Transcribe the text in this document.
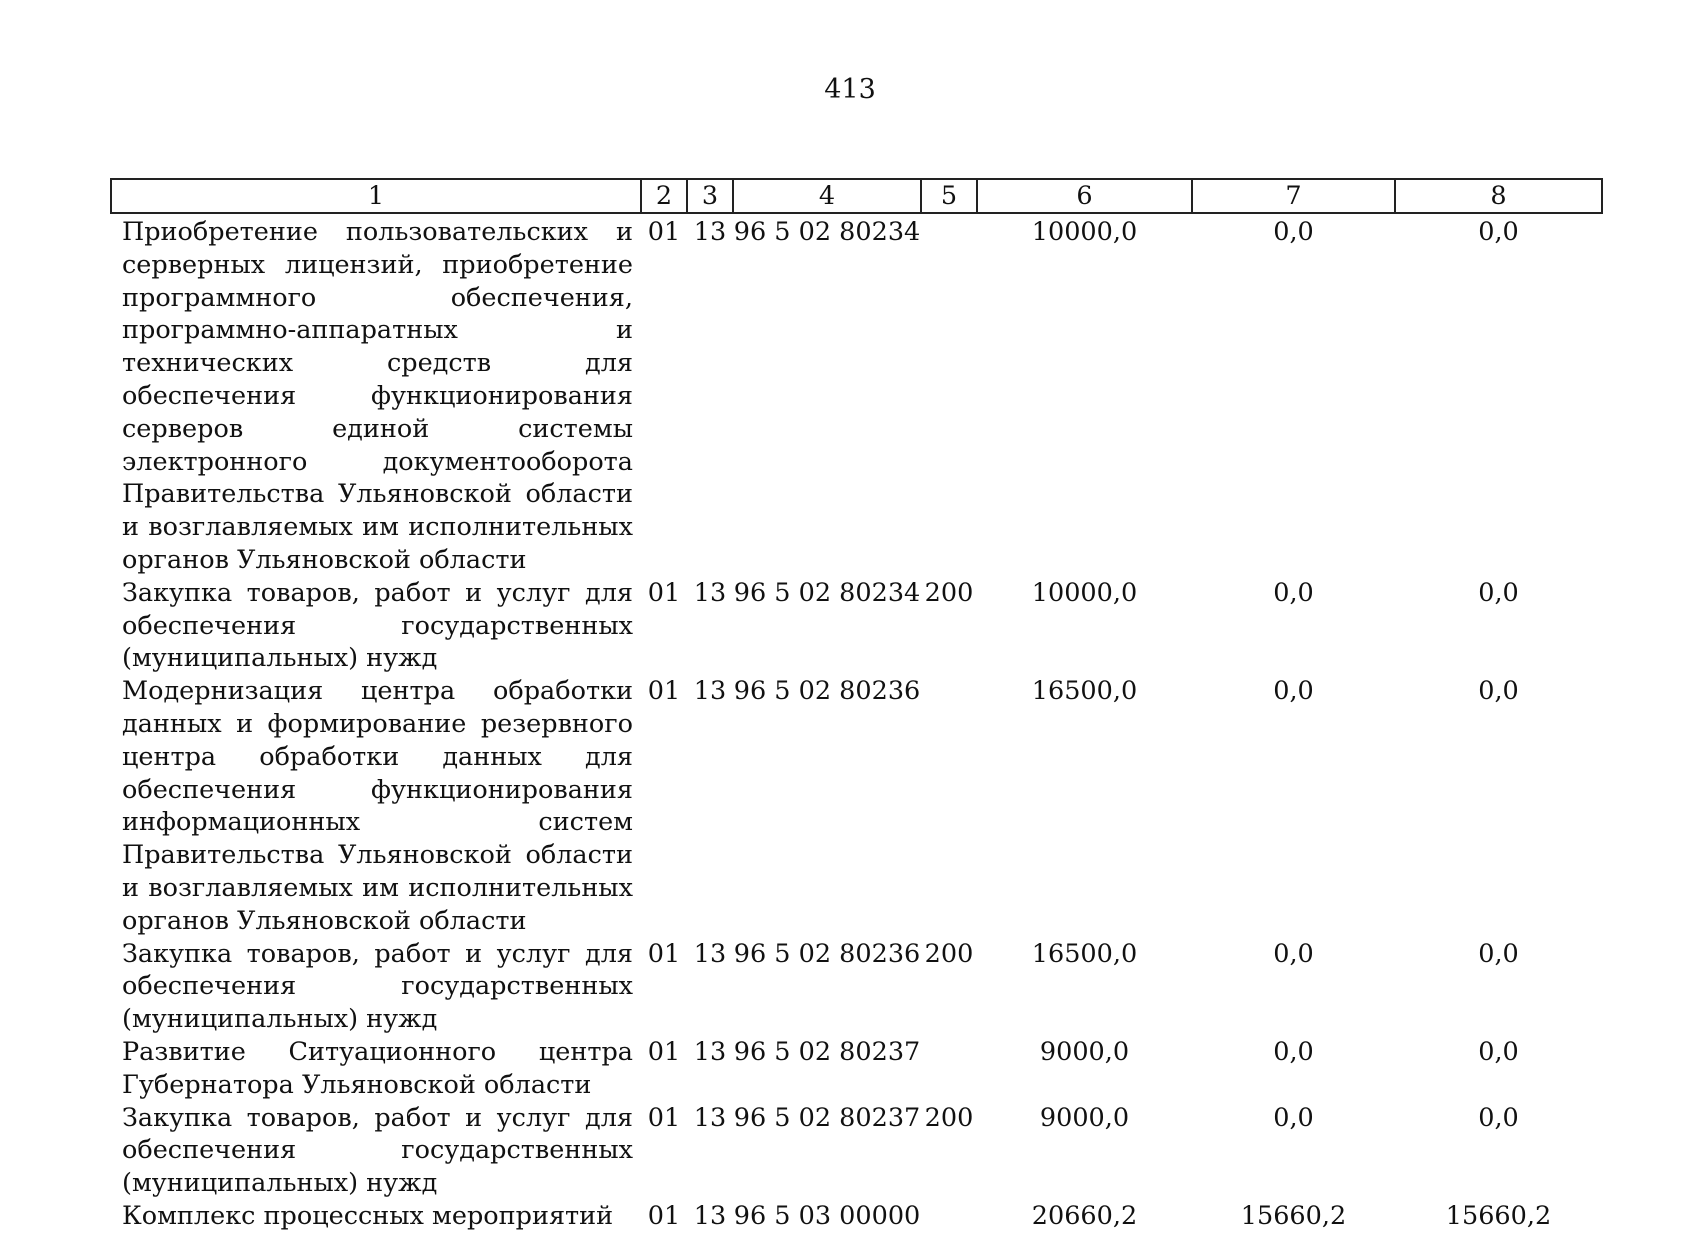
413
1	2	3	4	5	6	7	8
Приобретение пользовательских и серверных лицензий, приобретение программного обеспечения, программно-аппаратных и технических средств для обеспечения функционирования серверов единой системы электронного документооборота Правительства Ульяновской области и возглавляемых им исполнительных органов Ульяновской области	01	13	96 5 02 80234		10000,0	0,0	0,0
Закупка товаров, работ и услуг для обеспечения государственных (муниципальных) нужд	01	13	96 5 02 80234	200	10000,0	0,0	0,0
Модернизация центра обработки данных и формирование резервного центра обработки данных для обеспечения функционирования информационных систем Правительства Ульяновской области и возглавляемых им исполнительных органов Ульяновской области	01	13	96 5 02 80236		16500,0	0,0	0,0
Закупка товаров, работ и услуг для обеспечения государственных (муниципальных) нужд	01	13	96 5 02 80236	200	16500,0	0,0	0,0
Развитие Ситуационного центра Губернатора Ульяновской области	01	13	96 5 02 80237		9000,0	0,0	0,0
Закупка товаров, работ и услуг для обеспечения государственных (муниципальных) нужд	01	13	96 5 02 80237	200	9000,0	0,0	0,0
Комплекс процессных мероприятий	01	13	96 5 03 00000		20660,2	15660,2	15660,2
